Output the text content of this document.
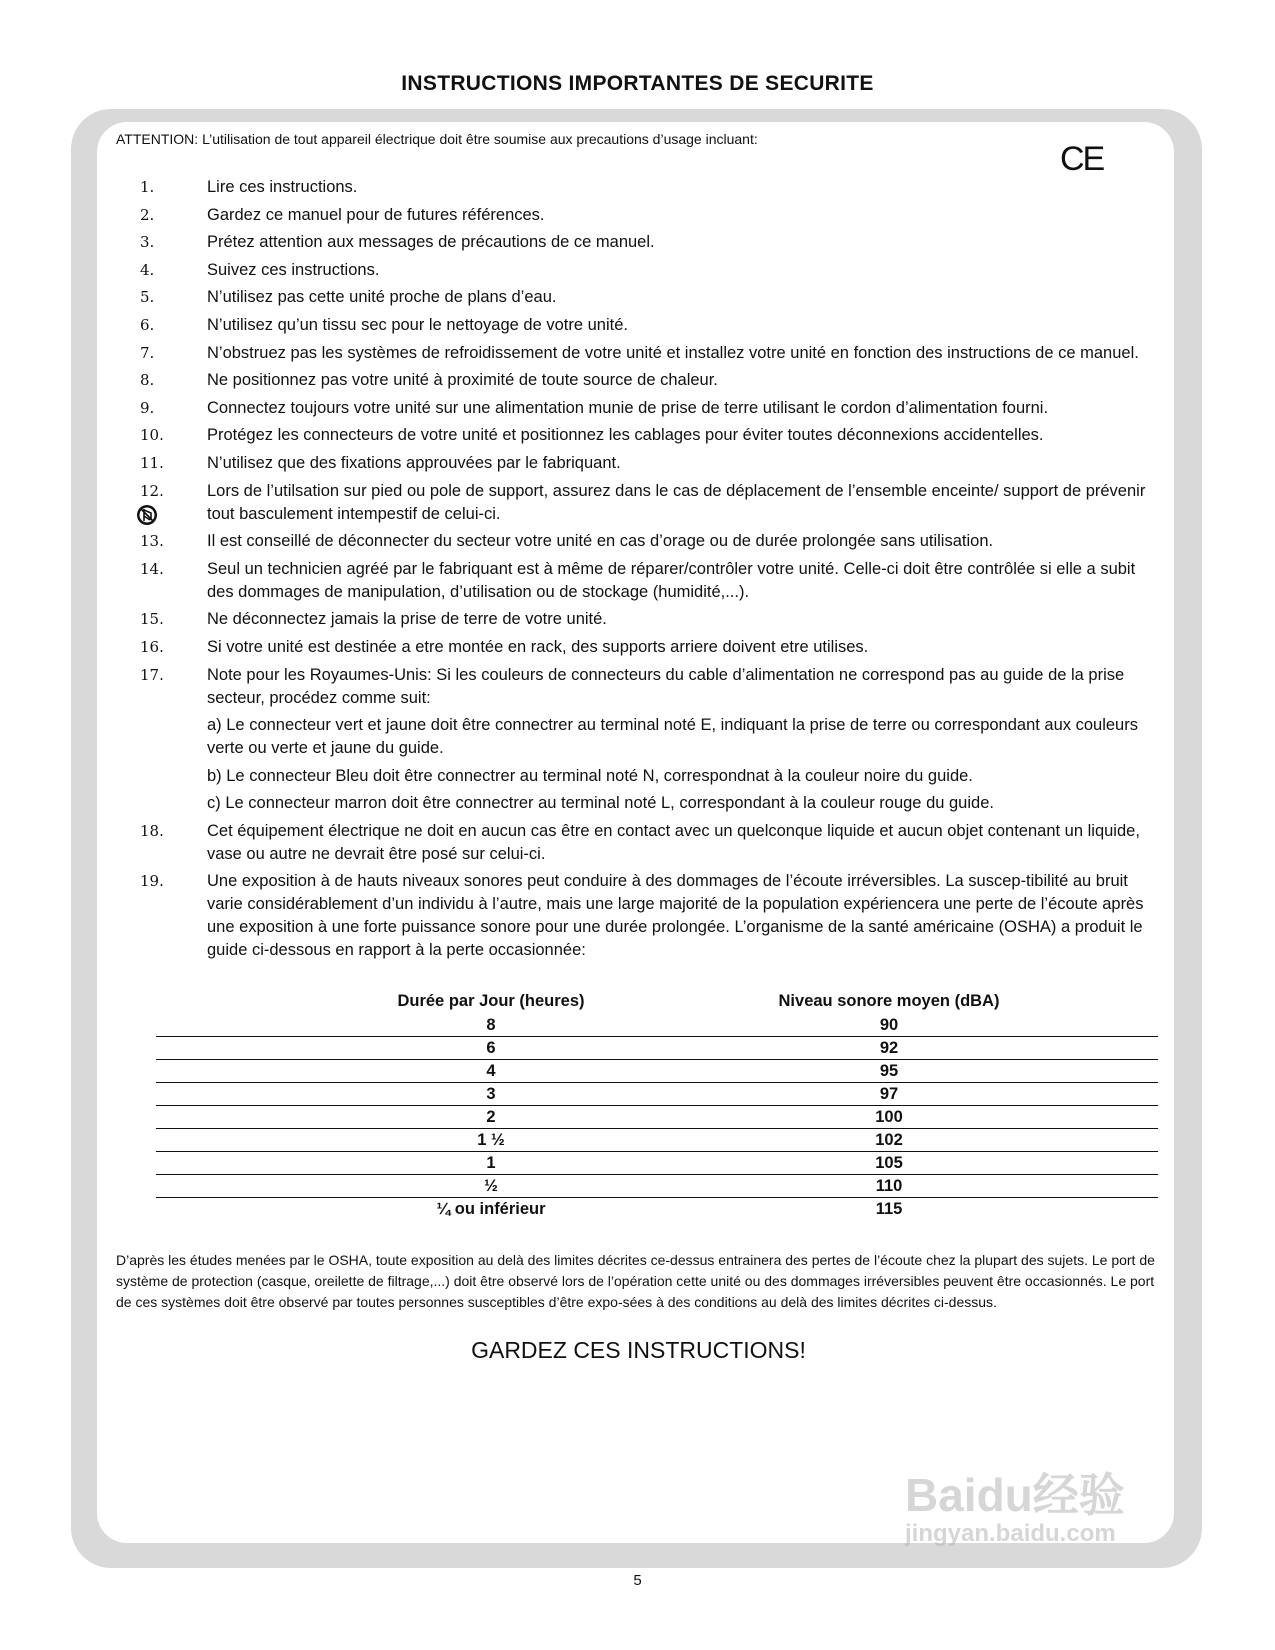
INSTRUCTIONS IMPORTANTES DE SECURITE
ATTENTION: L’utilisation de tout appareil électrique doit être soumise aux precautions d’usage incluant:
CE
1.	Lire ces instructions.
2.	Gardez ce manuel pour de futures références.
3.	Prétez attention aux messages de précautions de ce manuel.
4.	Suivez ces instructions.
5.	N’utilisez pas cette unité proche de plans d’eau.
6.	N’utilisez qu’un tissu sec pour le nettoyage de votre unité.
7.	N’obstruez pas les systèmes de refroidissement de votre unité et installez votre unité en fonction des instructions de ce manuel.
8.	Ne positionnez pas votre unité à proximité de toute source de chaleur.
9.	Connectez toujours votre unité sur une alimentation munie de prise de terre utilisant le cordon d’alimentation fourni.
10.	Protégez les connecteurs de votre unité et positionnez les cablages pour éviter toutes déconnexions accidentelles.
11.	N’utilisez que des fixations approuvées par le fabriquant.
12.	Lors de l’utilsation sur pied ou pole de support, assurez dans le cas de déplacement de l’ensemble enceinte/ support de prévenir tout basculement intempestif de celui-ci.
13.	Il est conseillé de déconnecter du secteur votre unité en cas d’orage ou de durée prolongée sans utilisation.
14.	Seul un technicien agréé par le fabriquant est à même de réparer/contrôler votre unité. Celle-ci doit être contrôlée si elle a subit des dommages de manipulation, d’utilisation ou de stockage (humidité,...).
15.	Ne déconnectez jamais la prise de terre de votre unité.
16.	Si votre unité est destinée a etre montée en rack, des supports arriere doivent etre utilises.
17.	Note pour les Royaumes-Unis: Si les couleurs de connecteurs du cable d’alimentation ne correspond pas au guide de la prise secteur, procédez comme suit:
a) Le connecteur vert et jaune doit être connectrer au terminal noté E, indiquant la prise de terre ou correspondant aux couleurs verte ou verte et jaune du guide.
b) Le connecteur Bleu doit être connectrer au terminal noté N, correspondnat à la couleur noire du guide.
c) Le connecteur marron doit être connectrer au terminal noté L, correspondant à la couleur rouge du guide.
18.	Cet équipement électrique ne doit en aucun cas être en contact avec un quelconque liquide et aucun objet contenant un liquide, vase ou autre ne devrait être posé sur celui-ci.
19.	Une exposition à de hauts niveaux sonores peut conduire à des dommages de l’écoute irréversibles. La suscep-tibilité au bruit varie considérablement d’un individu à l’autre, mais une large majorité de la population expériencera une perte de l’écoute après une exposition à une forte puissance sonore pour une durée prolongée. L’organisme de la santé américaine (OSHA) a produit le guide ci-dessous en rapport à la perte occasionnée:
Durée par Jour (heures)	Niveau sonore moyen (dBA)
8	90
6	92
4	95
3	97
2	100
1 ½	102
1	105
½	110
¼ ou inférieur	115
D’après les études menées par le OSHA, toute exposition au delà des limites décrites ce-dessus entrainera des pertes de l’écoute chez la plupart des sujets. Le port de système de protection (casque, oreilette de filtrage,...) doit être observé lors de l’opération cette unité ou des dommages irréversibles peuvent être occasionnés. Le port de ces systèmes doit être observé par toutes personnes susceptibles d’être expo-sées à des conditions au delà des limites décrites ci-dessus.
GARDEZ CES INSTRUCTIONS!
5
Baidu经验
jingyan.baidu.com
